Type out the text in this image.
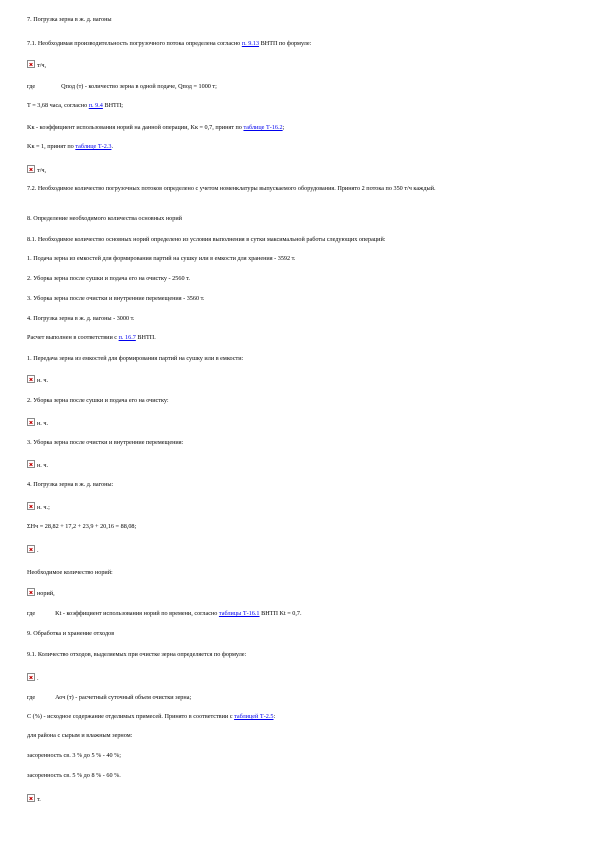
7. Погрузка зерна в ж. д. вагоны
7.1. Необходимая производительность погрузочного потока определена согласно п. 9.13 ВНТП по формуле:
т/ч,
где	Qпод (т) - количество зерна в одной подаче, Qпод = 1000 т;
T = 3,68 часа, согласно п. 9.4 ВНТП;
Kк - коэффициент использования норий на данной операции, Kк = 0,7, принят по таблице Т-16.2;
Kк = 1, принят по таблице Т-2.3.
т/ч,
7.2. Необходимое количество погрузочных потоков определено с учетом номенклатуры выпускаемого оборудования. Принято 2 потока по 350 т/ч каждый.
8. Определение необходимого количества основных норий
8.1. Необходимое количество основных норий определено из условия выполнения в сутки максимальной работы следующих операций:
1. Подача зерна из емкостей для формирования партий на сушку или в емкости для хранения - 3592 т.
2. Уборка зерна после сушки и подача его на очистку - 2560 т.
3. Уборка зерна после очистки и внутренние перемещения - 3560 т.
4. Погрузка зерна в ж. д. вагоны - 3000 т.
Расчет выполнен в соответствии с п. 16.7 ВНТП.
1. Передача зерна из емкостей для формирования партий на сушку или в емкости:
н. ч.
2. Уборка зерна после сушки и подача его на очистку:
н. ч.
3. Уборка зерна после очистки и внутренние перемещения:
н. ч.
4. Погрузка зерна в ж. д. вагоны:
н. ч.;
ΣНч = 28,82 + 17,2 + 23,9 + 20,16 = 88,08;
.
Необходимое количество норий:
норий,
где	Kt - коэффициент использования норий по времени, согласно таблицы Т-16.1 ВНТП Kt = 0,7.
9. Обработка и хранение отходов
9.1. Количество отходов, выделяемых при очистке зерна определяется по формуле:
.
где	Аоч (т) - расчетный суточный объем очистки зерна;
C (%) - исходное содержание отделимых примесей. Принято в соответствии с таблицей Т-2.5:
для района с сырым и влажным зерном:
засоренность св. 3 % до 5 % - 40 %;
засоренность св. 5 % до 8 % - 60 %.
т.
